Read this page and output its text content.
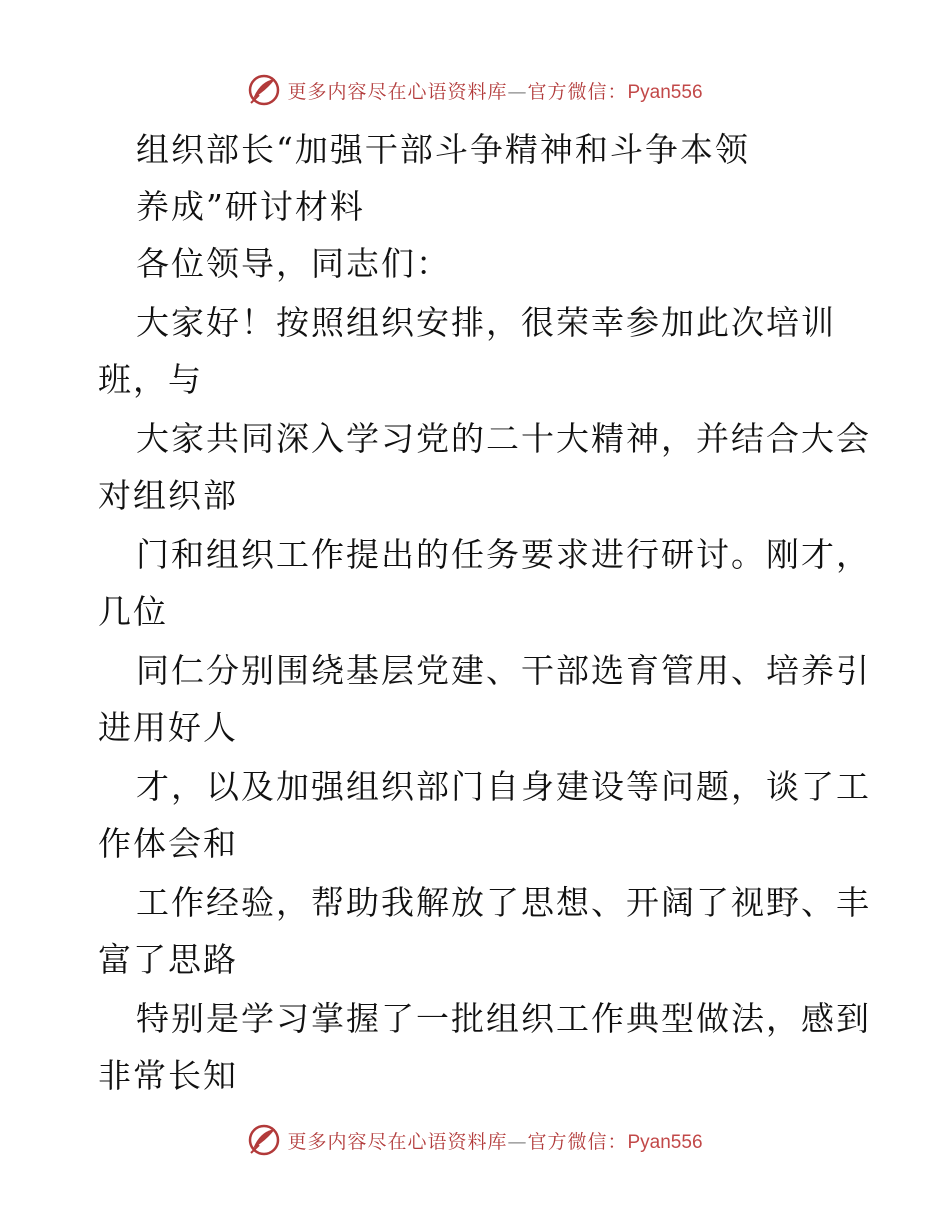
更多内容尽在心语资料库—官方微信：Pyan556
组织部长“加强干部斗争精神和斗争本领
养成”研讨材料
各位领导，同志们：
大家好！按照组织安排，很荣幸参加此次培训
班，与
大家共同深入学习党的二十大精神，并结合大会
对组织部
门和组织工作提出的任务要求进行研讨。刚才，
几位
同仁分别围绕基层党建、干部选育管用、培养引
进用好人
才，以及加强组织部门自身建设等问题，谈了工
作体会和
工作经验，帮助我解放了思想、开阔了视野、丰
富了思路
特别是学习掌握了一批组织工作典型做法，感到
非常长知
更多内容尽在心语资料库—官方微信：Pyan556
